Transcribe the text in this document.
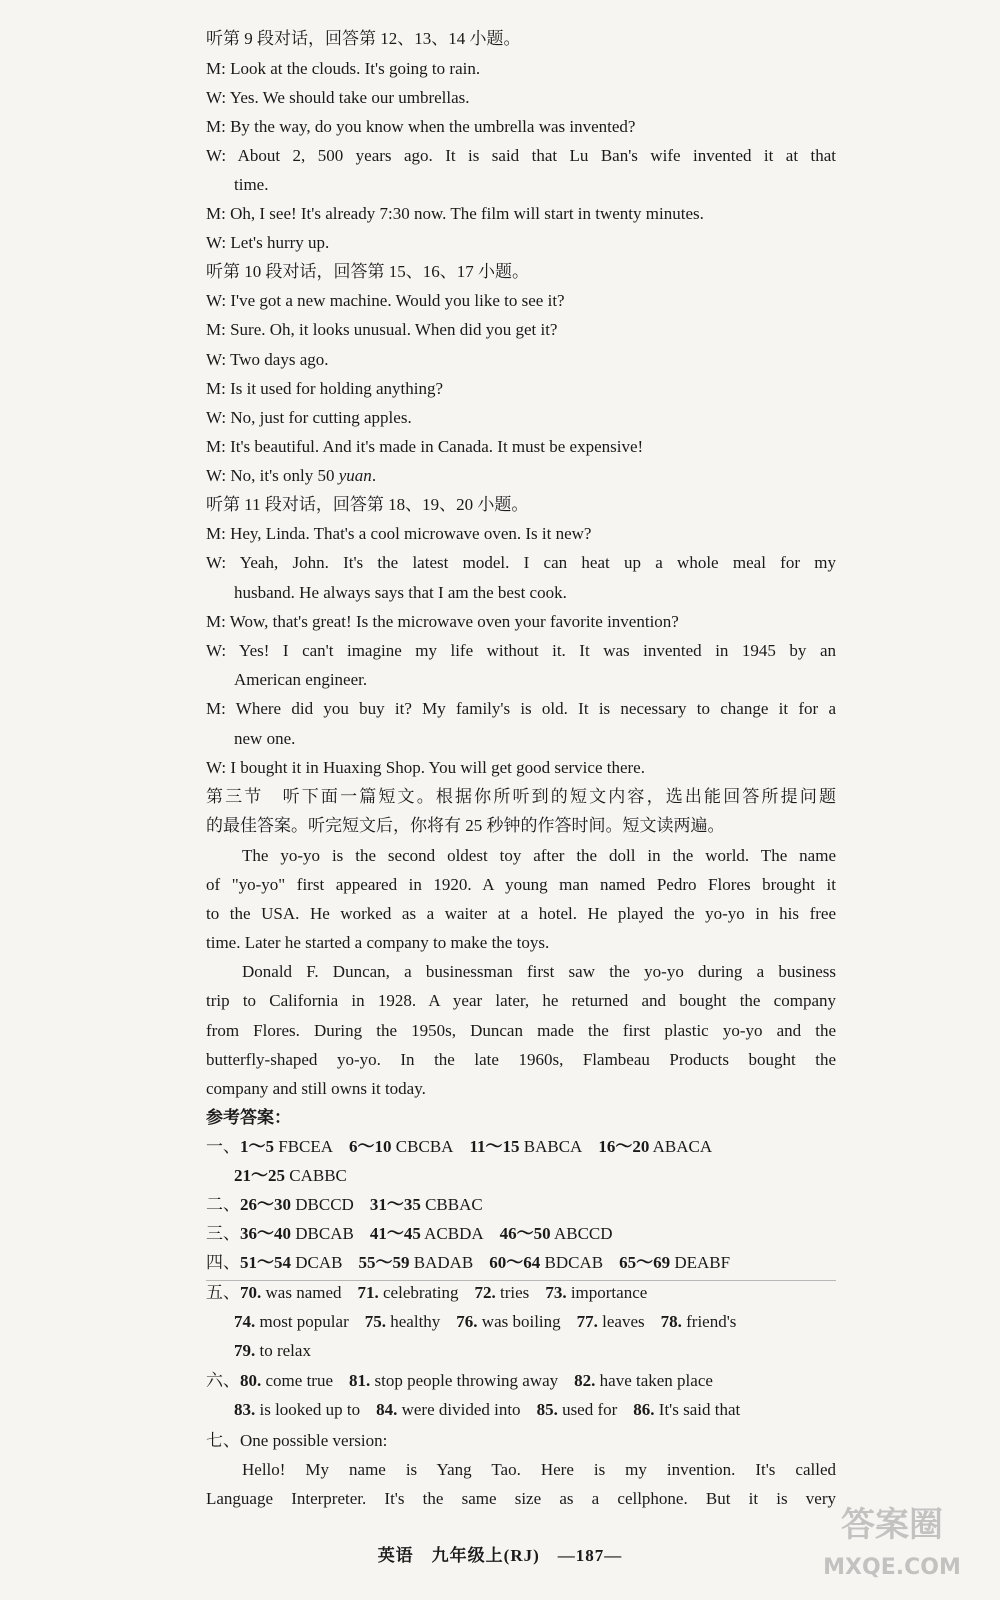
听第 9 段对话，回答第 12、13、14 小题。
M: Look at the clouds. It's going to rain.
W: Yes. We should take our umbrellas.
M: By the way, do you know when the umbrella was invented?
W: About 2, 500 years ago. It is said that Lu Ban's wife invented it at that
time.
M: Oh, I see! It's already 7:30 now. The film will start in twenty minutes.
W: Let's hurry up.
听第 10 段对话，回答第 15、16、17 小题。
W: I've got a new machine. Would you like to see it?
M: Sure. Oh, it looks unusual. When did you get it?
W: Two days ago.
M: Is it used for holding anything?
W: No, just for cutting apples.
M: It's beautiful. And it's made in Canada. It must be expensive!
W: No, it's only 50 yuan.
听第 11 段对话，回答第 18、19、20 小题。
M: Hey, Linda. That's a cool microwave oven. Is it new?
W: Yeah, John. It's the latest model. I can heat up a whole meal for my
husband. He always says that I am the best cook.
M: Wow, that's great! Is the microwave oven your favorite invention?
W: Yes! I can't imagine my life without it. It was invented in 1945 by an
American engineer.
M: Where did you buy it? My family's is old. It is necessary to change it for a
new one.
W: I bought it in Huaxing Shop. You will get good service there.
第三节　听下面一篇短文。根据你所听到的短文内容，选出能回答所提问题
的最佳答案。听完短文后，你将有 25 秒钟的作答时间。短文读两遍。
The yo-yo is the second oldest toy after the doll in the world. The name
of "yo-yo" first appeared in 1920. A young man named Pedro Flores brought it
to the USA. He worked as a waiter at a hotel. He played the yo-yo in his free
time. Later he started a company to make the toys.
Donald F. Duncan, a businessman first saw the yo-yo during a business
trip to California in 1928. A year later, he returned and bought the company
from Flores. During the 1950s, Duncan made the first plastic yo-yo and the
butterfly-shaped yo-yo. In the late 1960s, Flambeau Products bought the
company and still owns it today.
参考答案：
一、1～5 FBCEA 6～10 CBCBA 11～15 BABCA 16～20 ABACA
21～25 CABBC
二、26～30 DBCCD 31～35 CBBAC
三、36～40 DBCAB 41～45 ACBDA 46～50 ABCCD
四、51～54 DCAB 55～59 BADAB 60～64 BDCAB 65～69 DEABF
五、70. was named 71. celebrating 72. tries 73. importance
74. most popular 75. healthy 76. was boiling 77. leaves 78. friend's
79. to relax
六、80. come true 81. stop people throwing away 82. have taken place
83. is looked up to 84. were divided into 85. used for 86. It's said that
七、One possible version:
Hello! My name is Yang Tao. Here is my invention. It's called
Language Interpreter. It's the same size as a cellphone. But it is very
英语　九年级上(RJ)　—187—
答案圈
MXQE.COM
